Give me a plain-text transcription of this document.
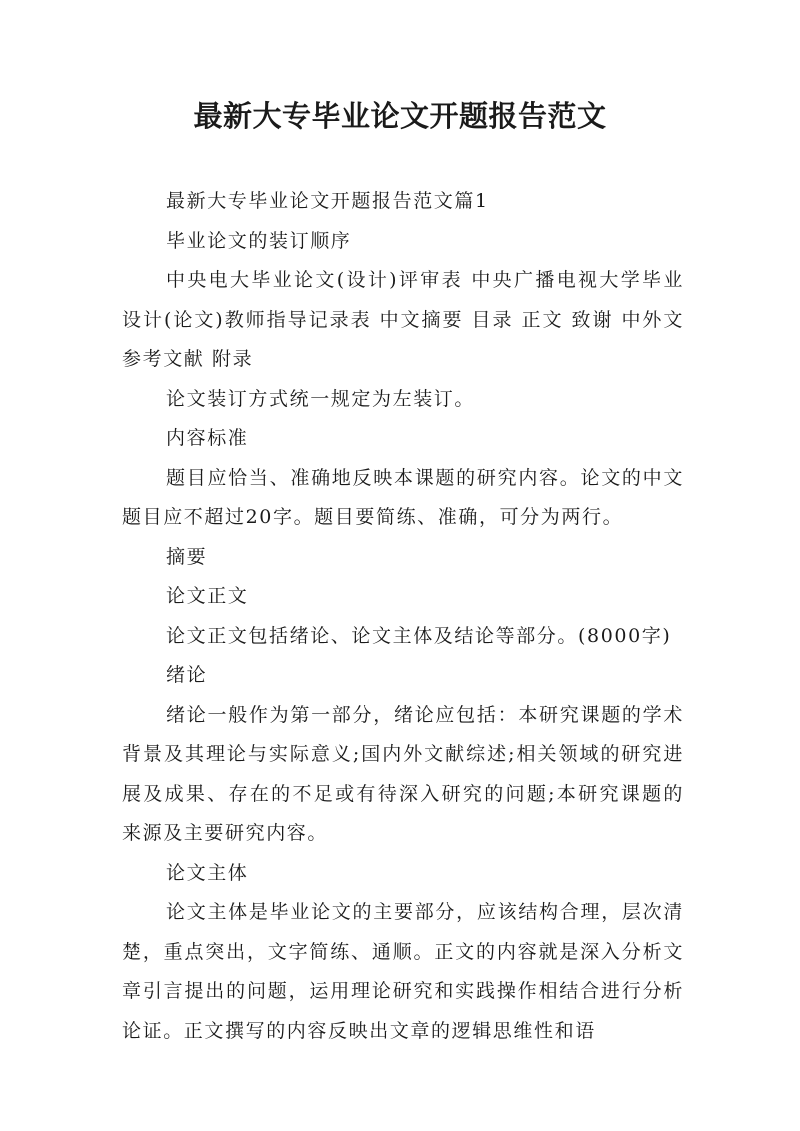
最新大专毕业论文开题报告范文

最新大专毕业论文开题报告范文篇1

毕业论文的装订顺序

中央电大毕业论文(设计)评审表 中央广播电视大学毕业设计(论文)教师指导记录表 中文摘要 目录 正文 致谢 中外文参考文献 附录

论文装订方式统一规定为左装订。

内容标准

题目应恰当、准确地反映本课题的研究内容。论文的中文题目应不超过20字。题目要简练、准确，可分为两行。

摘要

论文正文

论文正文包括绪论、论文主体及结论等部分。(8000字)

绪论

绪论一般作为第一部分，绪论应包括：本研究课题的学术背景及其理论与实际意义;国内外文献综述;相关领域的研究进展及成果、存在的不足或有待深入研究的问题;本研究课题的来源及主要研究内容。

论文主体

论文主体是毕业论文的主要部分，应该结构合理，层次清楚，重点突出，文字简练、通顺。正文的内容就是深入分析文章引言提出的问题，运用理论研究和实践操作相结合进行分析论证。正文撰写的内容反映出文章的逻辑思维性和语
